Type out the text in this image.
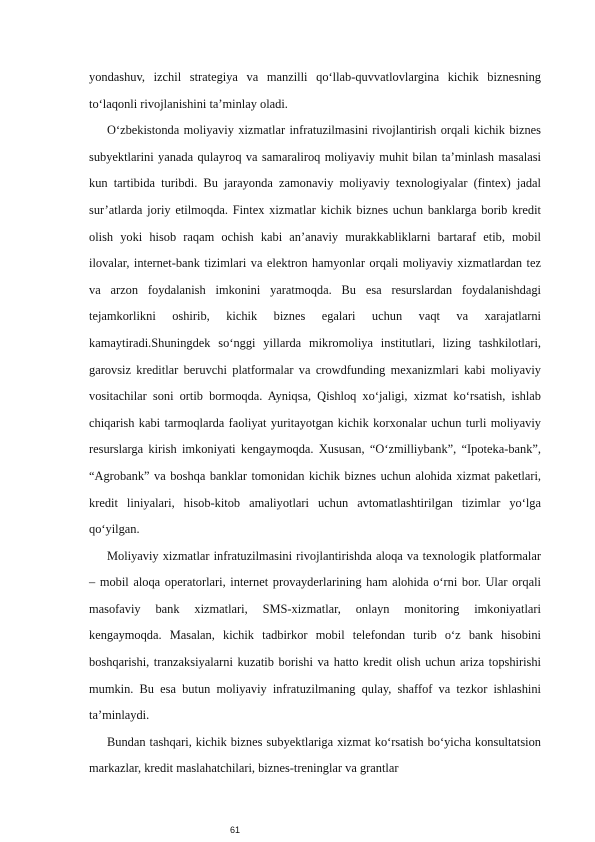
yondashuv, izchil strategiya va manzilli qo‘llab-quvvatlovlargina kichik biznesning to‘laqonli rivojlanishini ta’minlay oladi.

O‘zbekistonda moliyaviy xizmatlar infratuzilmasini rivojlantirish orqali kichik biznes subyektlarini yanada qulayroq va samaraliroq moliyaviy muhit bilan ta’minlash masalasi kun tartibida turibdi. Bu jarayonda zamonaviy moliyaviy texnologiyalar (fintex) jadal sur’atlarda joriy etilmoqda. Fintex xizmatlar kichik biznes uchun banklarga borib kredit olish yoki hisob raqam ochish kabi an’anaviy murakkabliklarni bartaraf etib, mobil ilovalar, internet-bank tizimlari va elektron hamyonlar orqali moliyaviy xizmatlardan tez va arzon foydalanish imkonini yaratmoqda. Bu esa resurslardan foydalanishdagi tejamkorlikni oshirib, kichik biznes egalari uchun vaqt va xarajatlarni kamaytiradi.Shuningdek so‘nggi yillarda mikromoliya institutlari, lizing tashkilotlari, garovsiz kreditlar beruvchi platformalar va crowdfunding mexanizmlari kabi moliyaviy vositachilar soni ortib bormoqda. Ayniqsa, Qishloq xo‘jaligi, xizmat ko‘rsatish, ishlab chiqarish kabi tarmoqlarda faoliyat yuritayotgan kichik korxonalar uchun turli moliyaviy resurslarga kirish imkoniyati kengaymoqda. Xususan, “O‘zmilliybank”, “Ipoteka-bank”, “Agrobank” va boshqa banklar tomonidan kichik biznes uchun alohida xizmat paketlari, kredit liniyalari, hisob-kitob amaliyotlari uchun avtomatlashtirilgan tizimlar yo‘lga qo‘yilgan.

Moliyaviy xizmatlar infratuzilmasini rivojlantirishda aloqa va texnologik platformalar – mobil aloqa operatorlari, internet provayderlarining ham alohida o‘rni bor. Ular orqali masofaviy bank xizmatlari, SMS-xizmatlar, onlayn monitoring imkoniyatlari kengaymoqda. Masalan, kichik tadbirkor mobil telefondan turib o‘z bank hisobini boshqarishi, tranzaksiyalarni kuzatib borishi va hatto kredit olish uchun ariza topshirishi mumkin. Bu esa butun moliyaviy infratuzilmaning qulay, shaffof va tezkor ishlashini ta’minlaydi.

Bundan tashqari, kichik biznes subyektlariga xizmat ko‘rsatish bo‘yicha konsultatsion markazlar, kredit maslahatchilari, biznes-treninglar va grantlar

61
